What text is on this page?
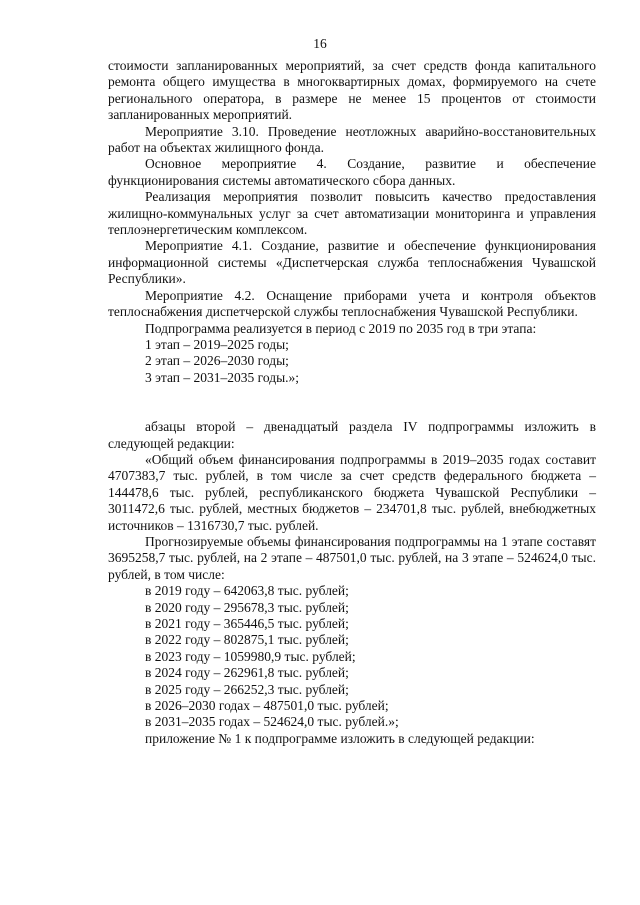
16

стоимости запланированных мероприятий, за счет средств фонда капитального ремонта общего имущества в многоквартирных домах, формируемого на счете регионального оператора, в размере не менее 15 процентов от стоимости запланированных мероприятий.

Мероприятие 3.10. Проведение неотложных аварийно-восстановительных работ на объектах жилищного фонда.

Основное мероприятие 4. Создание, развитие и обеспечение функционирования системы автоматического сбора данных.

Реализация мероприятия позволит повысить качество предоставления жилищно-коммунальных услуг за счет автоматизации мониторинга и управления теплоэнергетическим комплексом.

Мероприятие 4.1. Создание, развитие и обеспечение функционирования информационной системы «Диспетчерская служба теплоснабжения Чувашской Республики».

Мероприятие 4.2. Оснащение приборами учета и контроля объектов теплоснабжения диспетчерской службы теплоснабжения Чувашской Республики.

Подпрограмма реализуется в период с 2019 по 2035 год в три этапа:

1 этап – 2019–2025 годы;

2 этап – 2026–2030 годы;

3 этап – 2031–2035 годы.»;

абзацы второй – двенадцатый раздела IV подпрограммы изложить в следующей редакции:

«Общий объем финансирования подпрограммы в 2019–2035 годах составит 4707383,7 тыс. рублей, в том числе за счет средств федерального бюджета – 144478,6 тыс. рублей, республиканского бюджета Чувашской Республики – 3011472,6 тыс. рублей, местных бюджетов – 234701,8 тыс. рублей, внебюджетных источников – 1316730,7 тыс. рублей.

Прогнозируемые объемы финансирования подпрограммы на 1 этапе составят 3695258,7 тыс. рублей, на 2 этапе – 487501,0 тыс. рублей, на 3 этапе – 524624,0 тыс. рублей, в том числе:

в 2019 году – 642063,8 тыс. рублей;

в 2020 году – 295678,3 тыс. рублей;

в 2021 году – 365446,5 тыс. рублей;

в 2022 году – 802875,1 тыс. рублей;

в 2023 году – 1059980,9 тыс. рублей;

в 2024 году – 262961,8 тыс. рублей;

в 2025 году – 266252,3 тыс. рублей;

в 2026–2030 годах – 487501,0 тыс. рублей;

в 2031–2035 годах – 524624,0 тыс. рублей.»;

приложение № 1 к подпрограмме изложить в следующей редакции:
